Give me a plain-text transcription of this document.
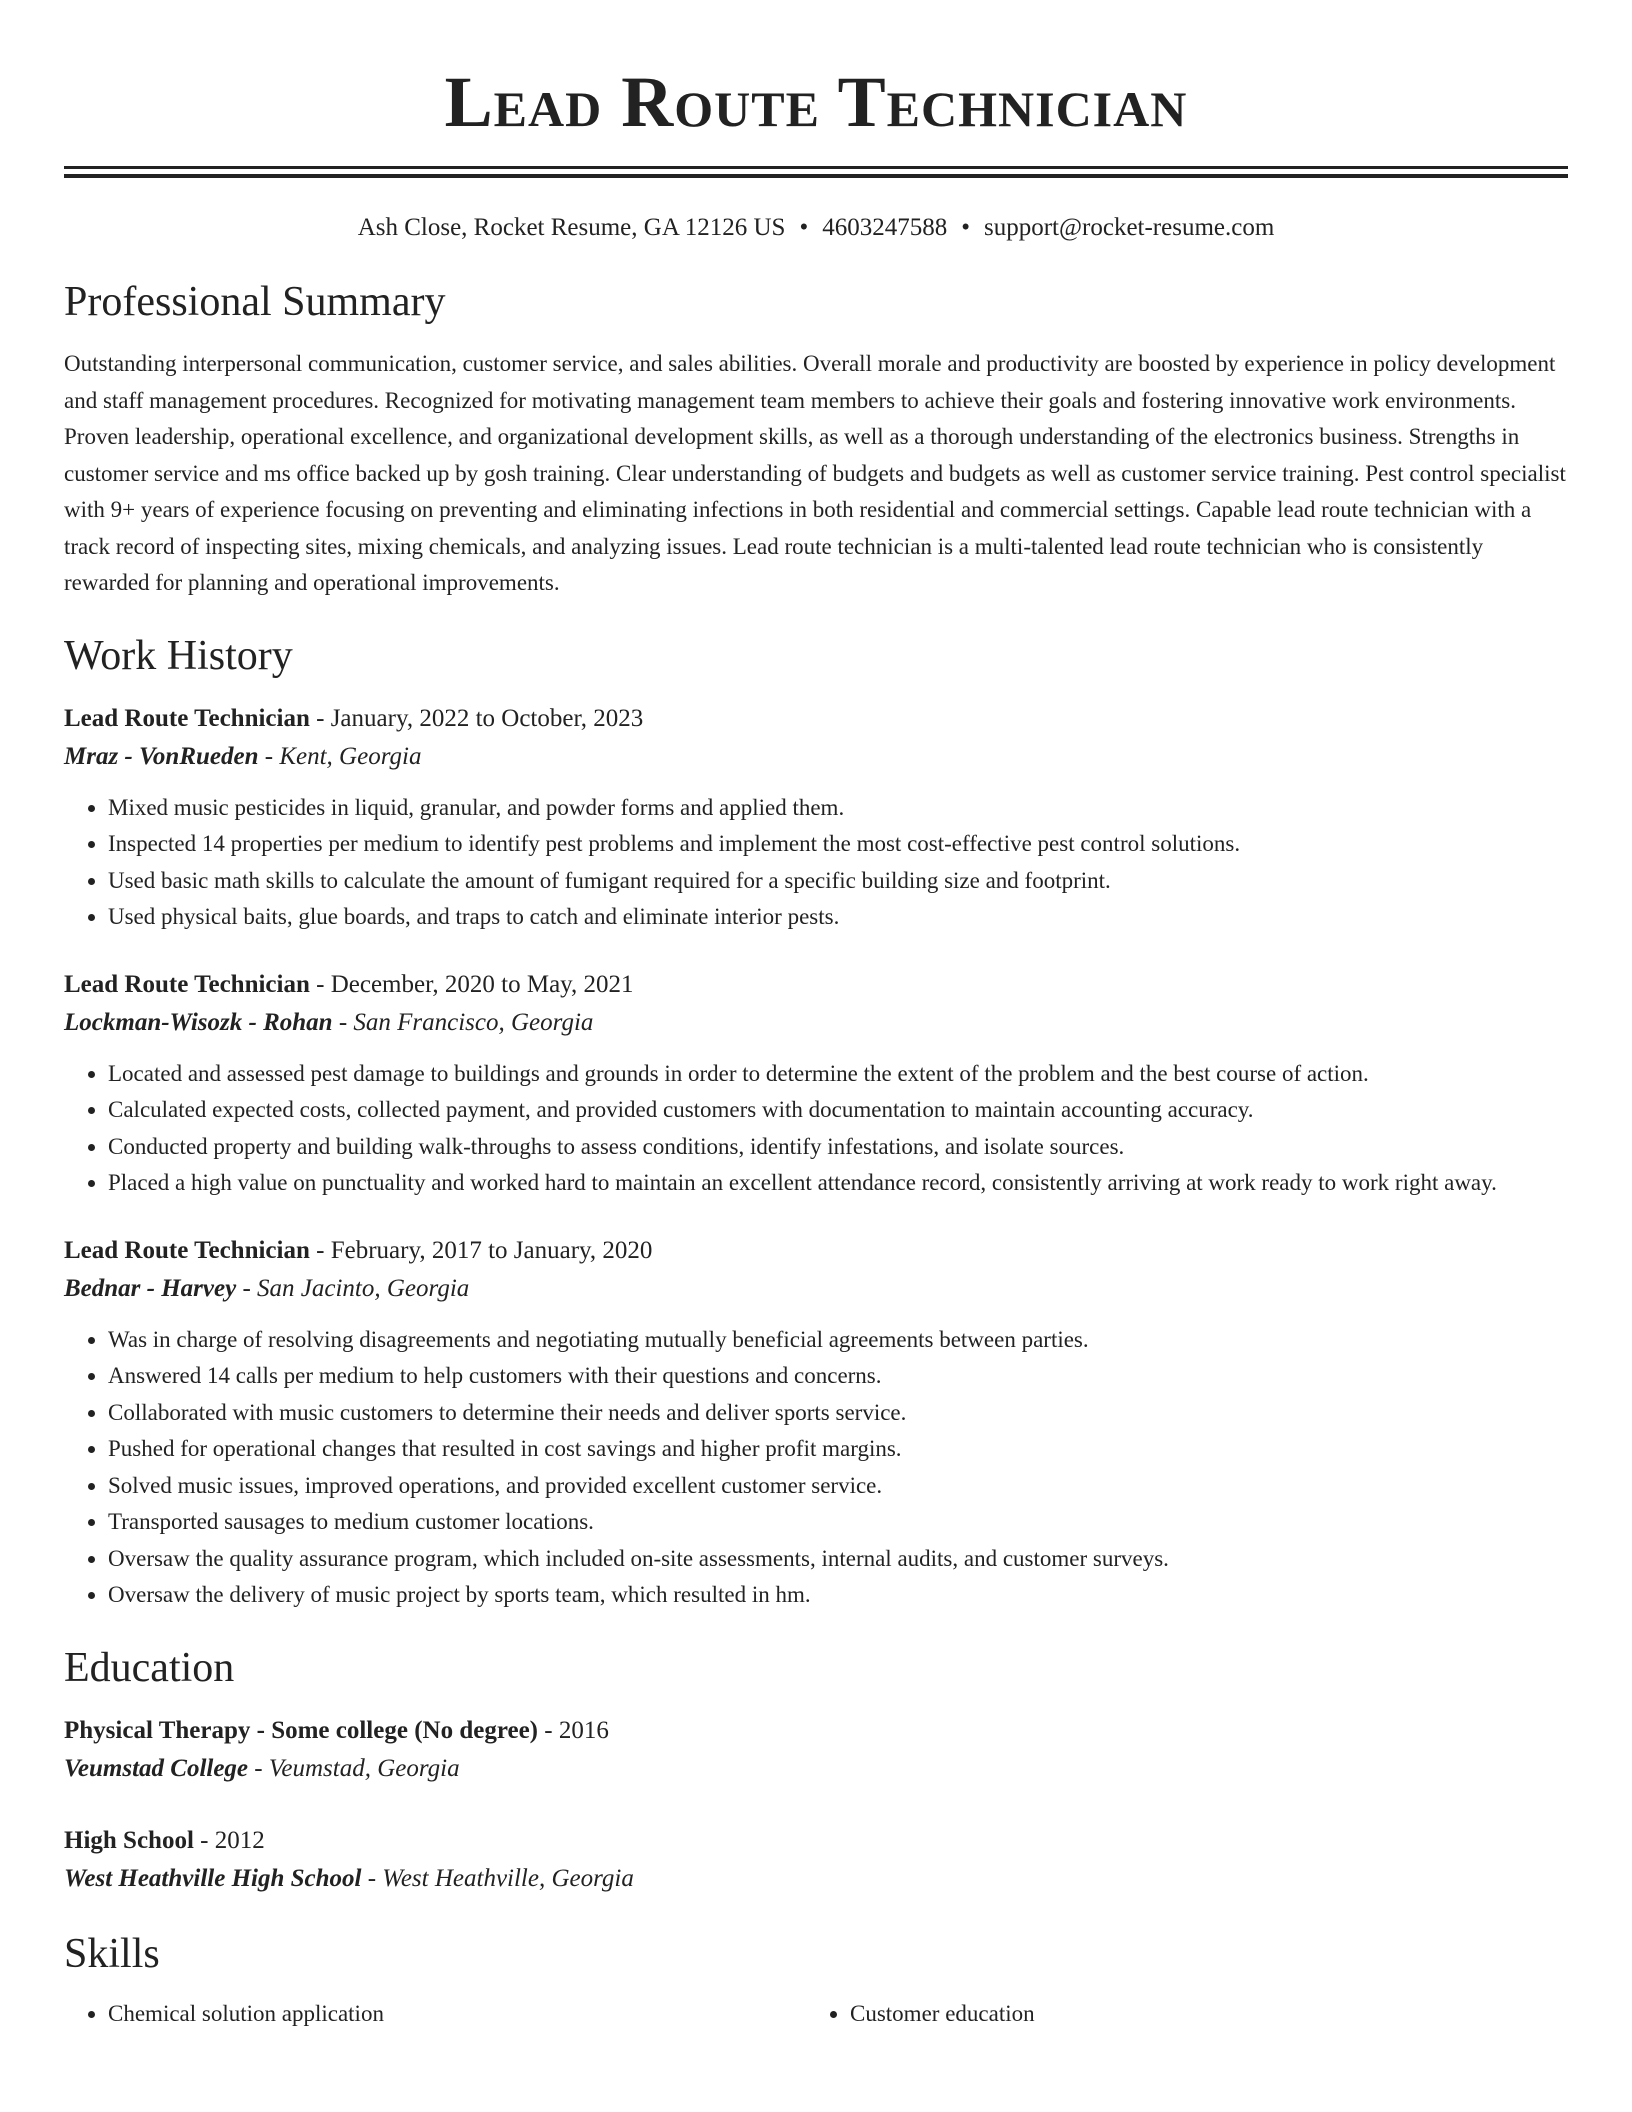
Lead Route Technician
Ash Close, Rocket Resume, GA 12126 US • 4603247588 • support@rocket-resume.com
Professional Summary

Outstanding interpersonal communication, customer service, and sales abilities. Overall morale and productivity are boosted by experience in policy development and staff management procedures. Recognized for motivating management team members to achieve their goals and fostering innovative work environments. Proven leadership, operational excellence, and organizational development skills, as well as a thorough understanding of the electronics business. Strengths in customer service and ms office backed up by gosh training. Clear understanding of budgets and budgets as well as customer service training. Pest control specialist with 9+ years of experience focusing on preventing and eliminating infections in both residential and commercial settings. Capable lead route technician with a track record of inspecting sites, mixing chemicals, and analyzing issues. Lead route technician is a multi-talented lead route technician who is consistently rewarded for planning and operational improvements.

Work History
Lead Route Technician - January, 2022 to October, 2023
Mraz - VonRueden - Kent, Georgia
• Mixed music pesticides in liquid, granular, and powder forms and applied them.
• Inspected 14 properties per medium to identify pest problems and implement the most cost-effective pest control solutions.
• Used basic math skills to calculate the amount of fumigant required for a specific building size and footprint.
• Used physical baits, glue boards, and traps to catch and eliminate interior pests.
Lead Route Technician - December, 2020 to May, 2021
Lockman-Wisozk - Rohan - San Francisco, Georgia
• Located and assessed pest damage to buildings and grounds in order to determine the extent of the problem and the best course of action.
• Calculated expected costs, collected payment, and provided customers with documentation to maintain accounting accuracy.
• Conducted property and building walk-throughs to assess conditions, identify infestations, and isolate sources.
• Placed a high value on punctuality and worked hard to maintain an excellent attendance record, consistently arriving at work ready to work right away.
Lead Route Technician - February, 2017 to January, 2020
Bednar - Harvey - San Jacinto, Georgia
• Was in charge of resolving disagreements and negotiating mutually beneficial agreements between parties.
• Answered 14 calls per medium to help customers with their questions and concerns.
• Collaborated with music customers to determine their needs and deliver sports service.
• Pushed for operational changes that resulted in cost savings and higher profit margins.
• Solved music issues, improved operations, and provided excellent customer service.
• Transported sausages to medium customer locations.
• Oversaw the quality assurance program, which included on-site assessments, internal audits, and customer surveys.
• Oversaw the delivery of music project by sports team, which resulted in hm.
Education
Physical Therapy - Some college (No degree) - 2016
Veumstad College - Veumstad, Georgia
High School - 2012
West Heathville High School - West Heathville, Georgia
Skills
• Chemical solution application
•	Customer education
